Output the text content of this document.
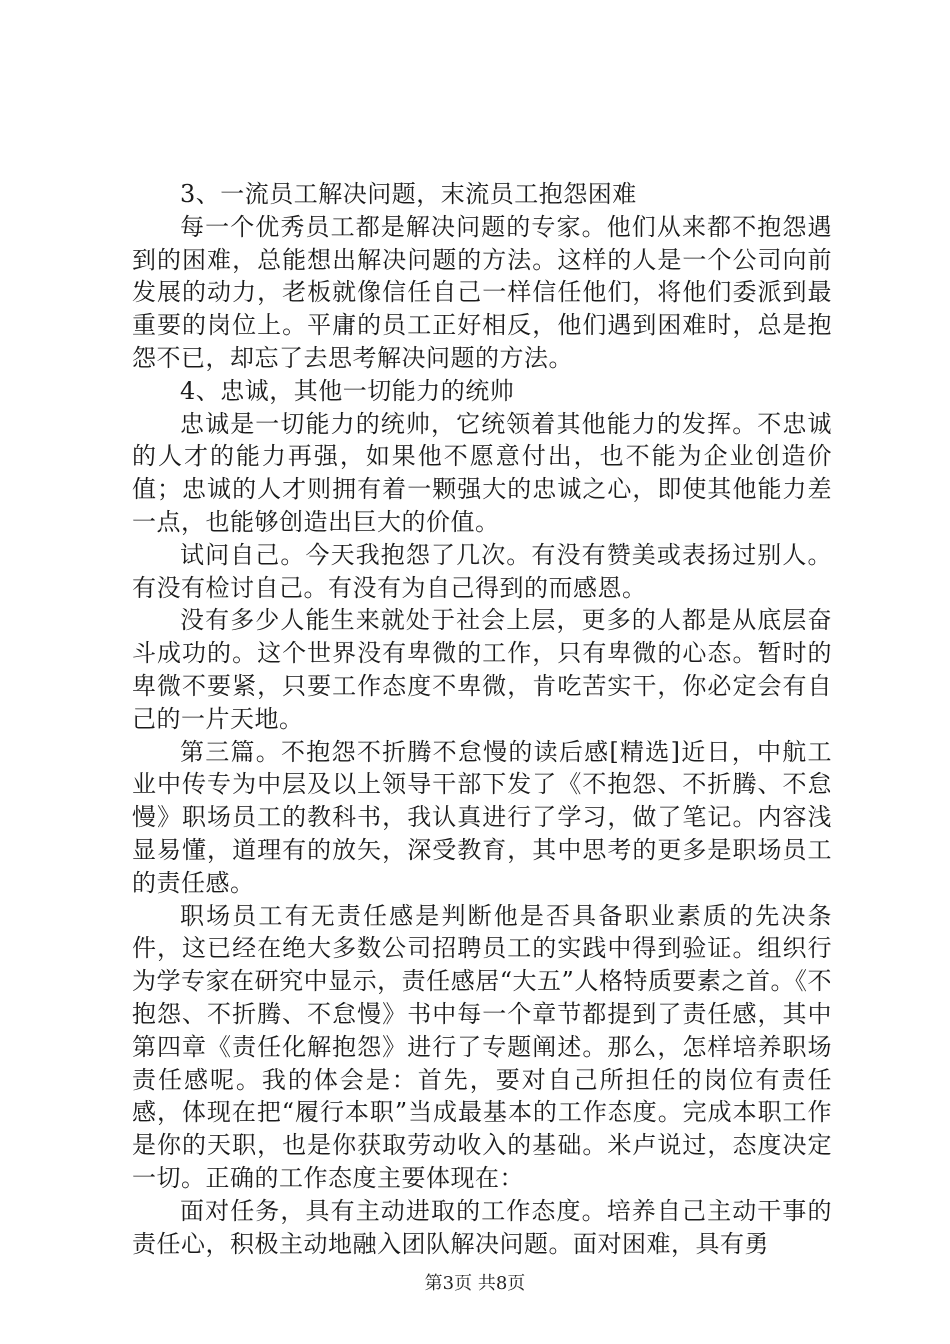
3、一流员工解决问题，末流员工抱怨困难

每一个优秀员工都是解决问题的专家。他们从来都不抱怨遇到的困难，总能想出解决问题的方法。这样的人是一个公司向前发展的动力，老板就像信任自己一样信任他们，将他们委派到最重要的岗位上。平庸的员工正好相反，他们遇到困难时，总是抱怨不已，却忘了去思考解决问题的方法。

4、忠诚，其他一切能力的统帅

忠诚是一切能力的统帅，它统领着其他能力的发挥。不忠诚的人才的能力再强，如果他不愿意付出，也不能为企业创造价值；忠诚的人才则拥有着一颗强大的忠诚之心，即使其他能力差一点，也能够创造出巨大的价值。

试问自己。今天我抱怨了几次。有没有赞美或表扬过别人。有没有检讨自己。有没有为自己得到的而感恩。

没有多少人能生来就处于社会上层，更多的人都是从底层奋斗成功的。这个世界没有卑微的工作，只有卑微的心态。暂时的卑微不要紧，只要工作态度不卑微，肯吃苦实干，你必定会有自己的一片天地。

第三篇。不抱怨不折腾不怠慢的读后感[精选]近日，中航工业中传专为中层及以上领导干部下发了《不抱怨、不折腾、不怠慢》职场员工的教科书，我认真进行了学习，做了笔记。内容浅显易懂，道理有的放矢，深受教育，其中思考的更多是职场员工的责任感。

职场员工有无责任感是判断他是否具备职业素质的先决条件，这已经在绝大多数公司招聘员工的实践中得到验证。组织行为学专家在研究中显示，责任感居“大五”人格特质要素之首。《不抱怨、不折腾、不怠慢》书中每一个章节都提到了责任感，其中第四章《责任化解抱怨》进行了专题阐述。那么，怎样培养职场责任感呢。我的体会是：首先，要对自己所担任的岗位有责任感，体现在把“履行本职”当成最基本的工作态度。完成本职工作是你的天职，也是你获取劳动收入的基础。米卢说过，态度决定一切。正确的工作态度主要体现在：

面对任务，具有主动进取的工作态度。培养自己主动干事的责任心，积极主动地融入团队解决问题。面对困难，具有勇

第3页 共8页
